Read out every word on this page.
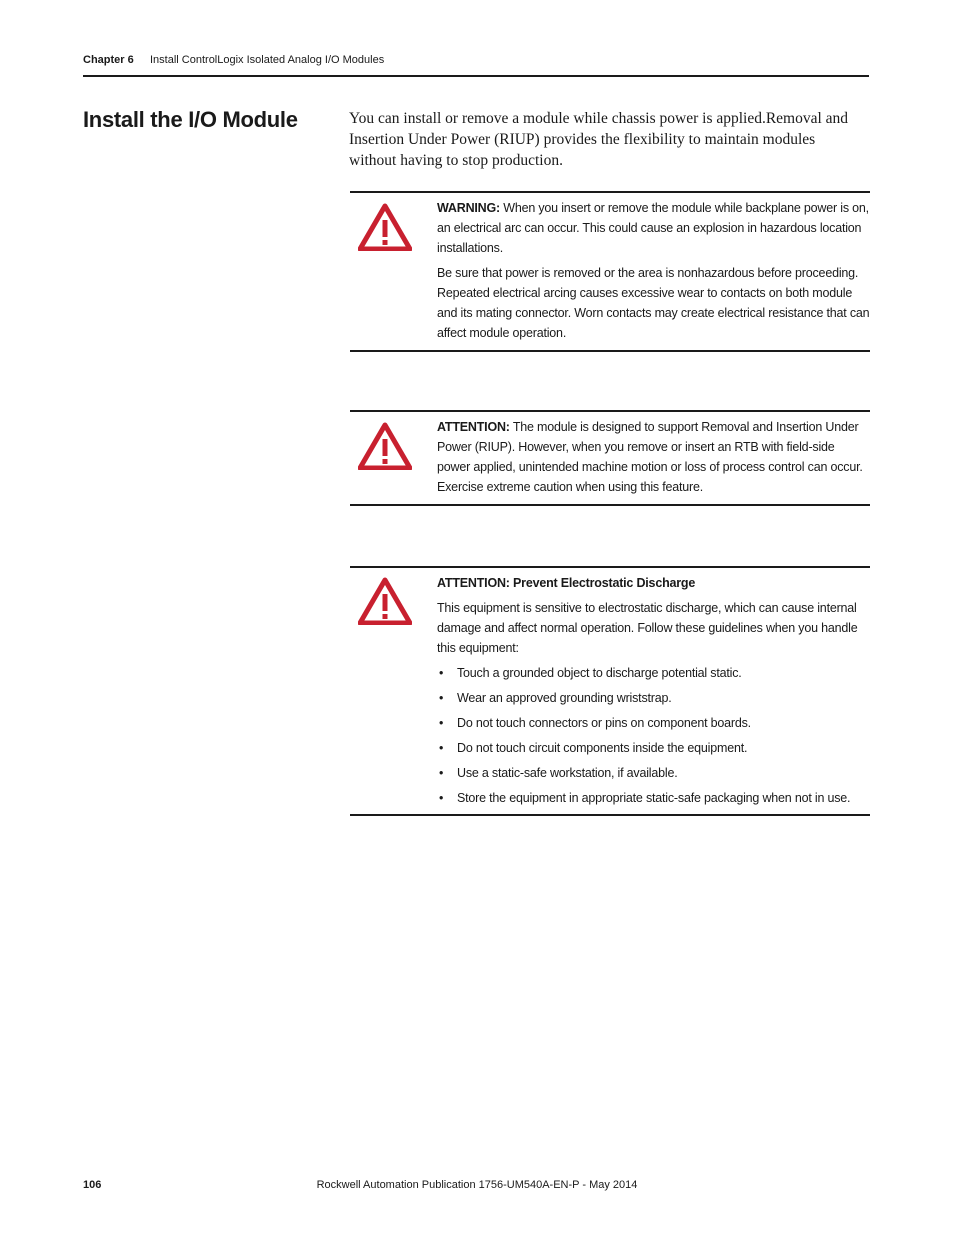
Chapter 6 Install ControlLogix Isolated Analog I/O Modules
Install the I/O Module	You can install or remove a module while chassis power is applied.Removal and Insertion Under Power (RIUP) provides the flexibility to maintain modules without having to stop production.

WARNING: When you insert or remove the module while backplane power is on, an electrical arc can occur. This could cause an explosion in hazardous location installations.

Be sure that power is removed or the area is nonhazardous before proceeding. Repeated electrical arcing causes excessive wear to contacts on both module and its mating connector. Worn contacts may create electrical resistance that can affect module operation.

ATTENTION: The module is designed to support Removal and Insertion Under Power (RIUP). However, when you remove or insert an RTB with field-side power applied, unintended machine motion or loss of process control can occur. Exercise extreme caution when using this feature.

ATTENTION: Prevent Electrostatic Discharge

This equipment is sensitive to electrostatic discharge, which can cause internal damage and affect normal operation. Follow these guidelines when you handle this equipment:

• Touch a grounded object to discharge potential static.
• Wear an approved grounding wriststrap.
• Do not touch connectors or pins on component boards.
• Do not touch circuit components inside the equipment.
• Use a static-safe workstation, if available.
• Store the equipment in appropriate static-safe packaging when not in use.
106	Rockwell Automation Publication 1756-UM540A-EN-P - May 2014
